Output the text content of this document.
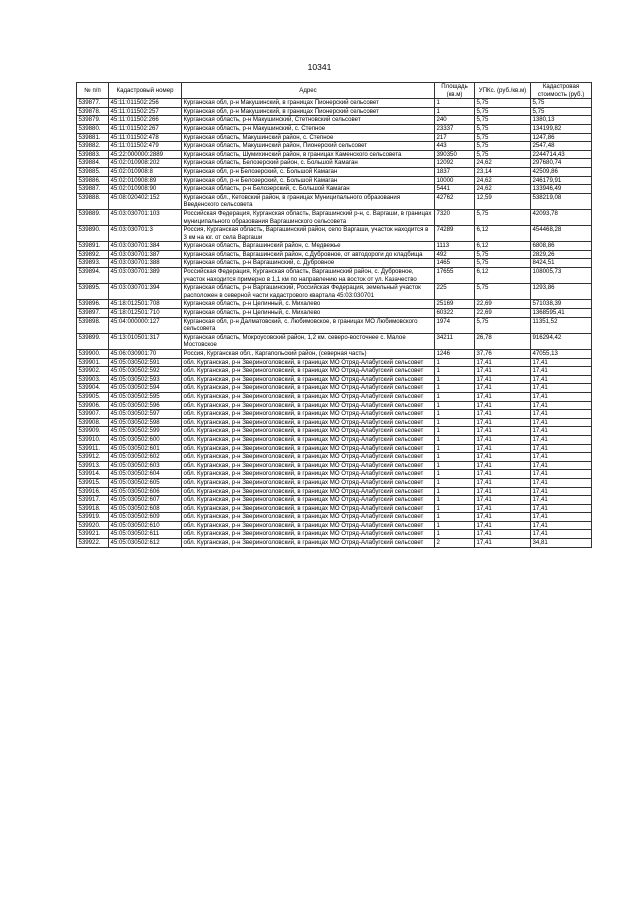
10341
№ п/п	Кадастровый номер	Адрес	Площадь (кв.м)	УПКс. (руб./кв.м)	Кадастровая стоимость (руб.)
539877.	45:11:011502:256	Курганская обл, р-н Макушинский, в границах Пионерский сельсовет	1	5,75	5,75
539878.	45:11:011502:257	Курганская обл, р-н Макушинский, в границах Пионерский сельсовет	1	5,75	5,75
539879.	45:11:011502:266	Курганская область, р-н Макушинский, Стетновский сельсовет	240	5,75	1380,13
539880.	45:11:011502:267	Курганская область, р-н Макушинский, с. Степное	23337	5,75	134199,82
539881.	45:11:011502:478	Курганская область, Макушинский район, с. Степное	217	5,75	1247,86
539882.	45:11:011502:479	Курганская область, Макушинский район, Пионерский сельсовет	443	5,75	2547,48
539883.	45:22:000000:2889	Курганская область, Шумихинский район, в границах Каменского сельсовета	390350	5,75	2244714,43
539884.	45:02:010908:202	Курганская область, Белозерский район, с. Большой Камаган	12092	24,62	297680,74
539885.	45:02:010908:8	Курганская обл, р-н Белозерский, с. Большой Камаган	1837	23,14	42509,86
539886.	45:02:010908:89	Курганская обл, р-н Белозерский, с. Большой Камаган	10000	24,62	246179,91
539887.	45:02:010908:90	Курганская область, р-н Белозерский, с. Большой Камаган	5441	24,62	133946,49
539888.	45:08:020402:152	Курганская обл., Кетовский район, в границах Муниципального образования Введенского сельсовета	42762	12,59	538219,08
539889.	45:03:030701:103	Российская Федерация, Курганская область, Варгашинский р-н, с. Варгаши, в границах муниципального образования Варгашинского сельсовета	7320	5,75	42093,78
539890.	45:03:030701:3	Россия, Курганская область, Варгашинский район, село Варгаши, участок находится в 3 км на юг. от села Варгаши	74289	6,12	454468,28
539891.	45:03:030701:384	Курганская область, Варгашинский район, с. Медвежье	1113	6,12	6808,86
539892.	45:03:030701:387	Курганская область, Варгашинский район, с.Дубровное, от автодороги до кладбища	492	5,75	2829,26
539893.	45:03:030701:388	Курганская область, р-н Варгашинский, с. Дубровное	1465	5,75	8424,51
539894.	45:03:030701:389	Российская Федерация, Курганская область, Варгашинский район, с. Дубровное, участок находится примерно в 1,1 км по направлению на восток от ул. Казачество	17655	6,12	108005,73
539895.	45:03:030701:394	Курганская область, р-н Варгашинский, Российская Федерация, земельный участок расположен в северной части кадастрового квартала 45:03:030701	225	5,75	1293,86
539896.	45:18:012501:708	Курганская область, р-н Целинный, с. Михалево	25169	22,69	571038,39
539897.	45:18:012501:710	Курганская область, р-н Целинный, с. Михалево	60322	22,69	1368595,41
539898.	45:04:000000:127	Курганская обл, р-н Далматовский, с. Любимовское, в границах МО Любимовского сельсовета	1974	5,75	11351,52
539899.	45:13:010501:317	Курганская область, Мокроусовский район, 1,2 км. северо-восточнее с. Малое Мостовское	34211	26,78	916294,42
539900.	45:06:030901:70	Россия, Курганская обл., Каргапольский район, (северная часть)	1246	37,76	47055,13
539901.	45:05:030502:591	обл. Курганская, р-н Звериноголовский, в границах МО Отряд-Алабугский сельсовет	1	17,41	17,41
539902.	45:05:030502:592	обл. Курганская, р-н Звериноголовский, в границах МО Отряд-Алабугский сельсовет	1	17,41	17,41
539903.	45:05:030502:593	обл. Курганская, р-н Звериноголовский, в границах МО Отряд-Алабугский сельсовет	1	17,41	17,41
539904.	45:05:030502:594	обл. Курганская, р-н Звериноголовский, в границах МО Отряд-Алабугский сельсовет	1	17,41	17,41
539905.	45:05:030502:595	обл. Курганская, р-н Звериноголовский, в границах МО Отряд-Алабугский сельсовет	1	17,41	17,41
539906.	45:05:030502:596	обл. Курганская, р-н Звериноголовский, в границах МО Отряд-Алабугский сельсовет	1	17,41	17,41
539907.	45:05:030502:597	обл. Курганская, р-н Звериноголовский, в границах МО Отряд-Алабугский сельсовет	1	17,41	17,41
539908.	45:05:030502:598	обл. Курганская, р-н Звериноголовский, в границах МО Отряд-Алабугский сельсовет	1	17,41	17,41
539909.	45:05:030502:599	обл. Курганская, р-н Звериноголовский, в границах МО Отряд-Алабугский сельсовет	1	17,41	17,41
539910.	45:05:030502:600	обл. Курганская, р-н Звериноголовский, в границах МО Отряд-Алабугский сельсовет	1	17,41	17,41
539911.	45:05:030502:601	обл. Курганская, р-н Звериноголовский, в границах МО Отряд-Алабугский сельсовет	1	17,41	17,41
539912.	45:05:030502:602	обл. Курганская, р-н Звериноголовский, в границах МО Отряд-Алабугский сельсовет	1	17,41	17,41
539913.	45:05:030502:603	обл. Курганская, р-н Звериноголовский, в границах МО Отряд-Алабугский сельсовет	1	17,41	17,41
539914.	45:05:030502:604	обл. Курганская, р-н Звериноголовский, в границах МО Отряд-Алабугский сельсовет	1	17,41	17,41
539915.	45:05:030502:605	обл. Курганская, р-н Звериноголовский, в границах МО Отряд-Алабугский сельсовет	1	17,41	17,41
539916.	45:05:030502:606	обл. Курганская, р-н Звериноголовский, в границах МО Отряд-Алабугский сельсовет	1	17,41	17,41
539917.	45:05:030502:607	обл. Курганская, р-н Звериноголовский, в границах МО Отряд-Алабугский сельсовет	1	17,41	17,41
539918.	45:05:030502:608	обл. Курганская, р-н Звериноголовский, в границах МО Отряд-Алабугский сельсовет	1	17,41	17,41
539919.	45:05:030502:609	обл. Курганская, р-н Звериноголовский, в границах МО Отряд-Алабугский сельсовет	1	17,41	17,41
539920.	45:05:030502:610	обл. Курганская, р-н Звериноголовский, в границах МО Отряд-Алабугский сельсовет	1	17,41	17,41
539921.	45:05:030502:611	обл. Курганская, р-н Звериноголовский, в границах МО Отряд-Алабугский сельсовет	1	17,41	17,41
539922.	45:05:030502:612	обл. Курганская, р-н Звериноголовский, в границах МО Отряд-Алабугский сельсовет	2	17,41	34,81
